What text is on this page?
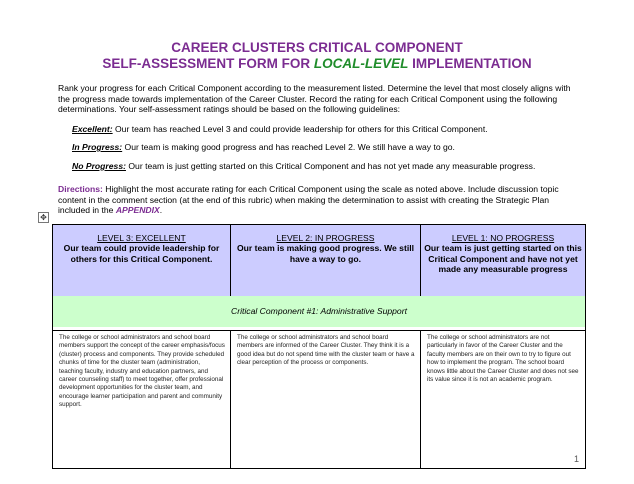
CAREER CLUSTERS CRITICAL COMPONENT
SELF-ASSESSMENT FORM FOR LOCAL-LEVEL IMPLEMENTATION
Rank your progress for each Critical Component according to the measurement listed. Determine the level that most closely aligns with the progress made towards implementation of the Career Cluster. Record the rating for each Critical Component using the following determinations. Your self-assessment ratings should be based on the following guidelines:
Excellent: Our team has reached Level 3 and could provide leadership for others for this Critical Component.
In Progress: Our team is making good progress and has reached Level 2. We still have a way to go.
No Progress: Our team is just getting started on this Critical Component and has not yet made any measurable progress.
Directions: Highlight the most accurate rating for each Critical Component using the scale as noted above. Include discussion topic content in the comment section (at the end of this rubric) when making the determination to assist with creating the Strategic Plan included in the APPENDIX.
✥
LEVEL 3: EXCELLENT
Our team could provide leadership for others for this Critical Component.
LEVEL 2: IN PROGRESS
Our team is making good progress. We still have a way to go.
LEVEL 1: NO PROGRESS
Our team is just getting started on this Critical Component and have not yet made any measurable progress
Critical Component #1: Administrative Support
The college or school administrators and school board members support the concept of the career emphasis/focus (cluster) process and components. They provide scheduled chunks of time for the cluster team (administration, teaching faculty, industry and education partners, and career counseling staff) to meet together, offer professional development opportunities for the cluster team, and encourage learner participation and parent and community support.
The college or school administrators and school board members are informed of the Career Cluster. They think it is a good idea but do not spend time with the cluster team or have a clear perception of the process or components.
The college or school administrators are not particularly in favor of the Career Cluster and the faculty members are on their own to try to figure out how to implement the program. The school board knows little about the Career Cluster and does not see its value since it is not an academic program.
1
